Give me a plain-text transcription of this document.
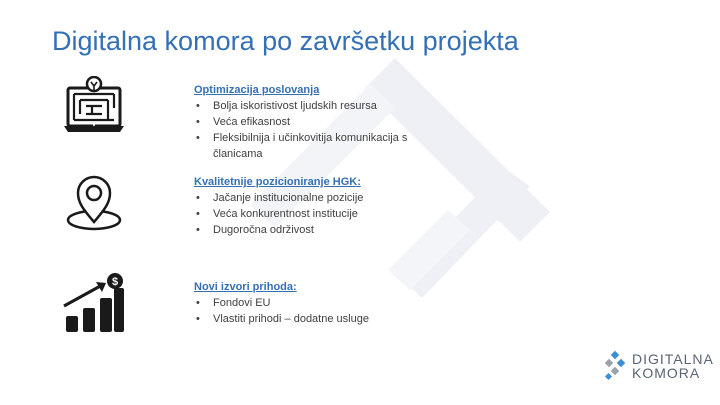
Digitalna komora po završetku projekta
$
Optimizacija poslovanja
•	Bolja iskoristivost ljudskih resursa
•	Veća efikasnost
•	Fleksibilnija i učinkovitija komunikacija s članicama
Kvalitetnije pozicioniranje HGK:
•	Jačanje institucionalne pozicije
•	Veća konkurentnost institucije
•	Dugoročna održivost
Novi izvori prihoda:
•	Fondovi EU
•	Vlastiti prihodi – dodatne usluge
DIGITALNA
KOMORA
